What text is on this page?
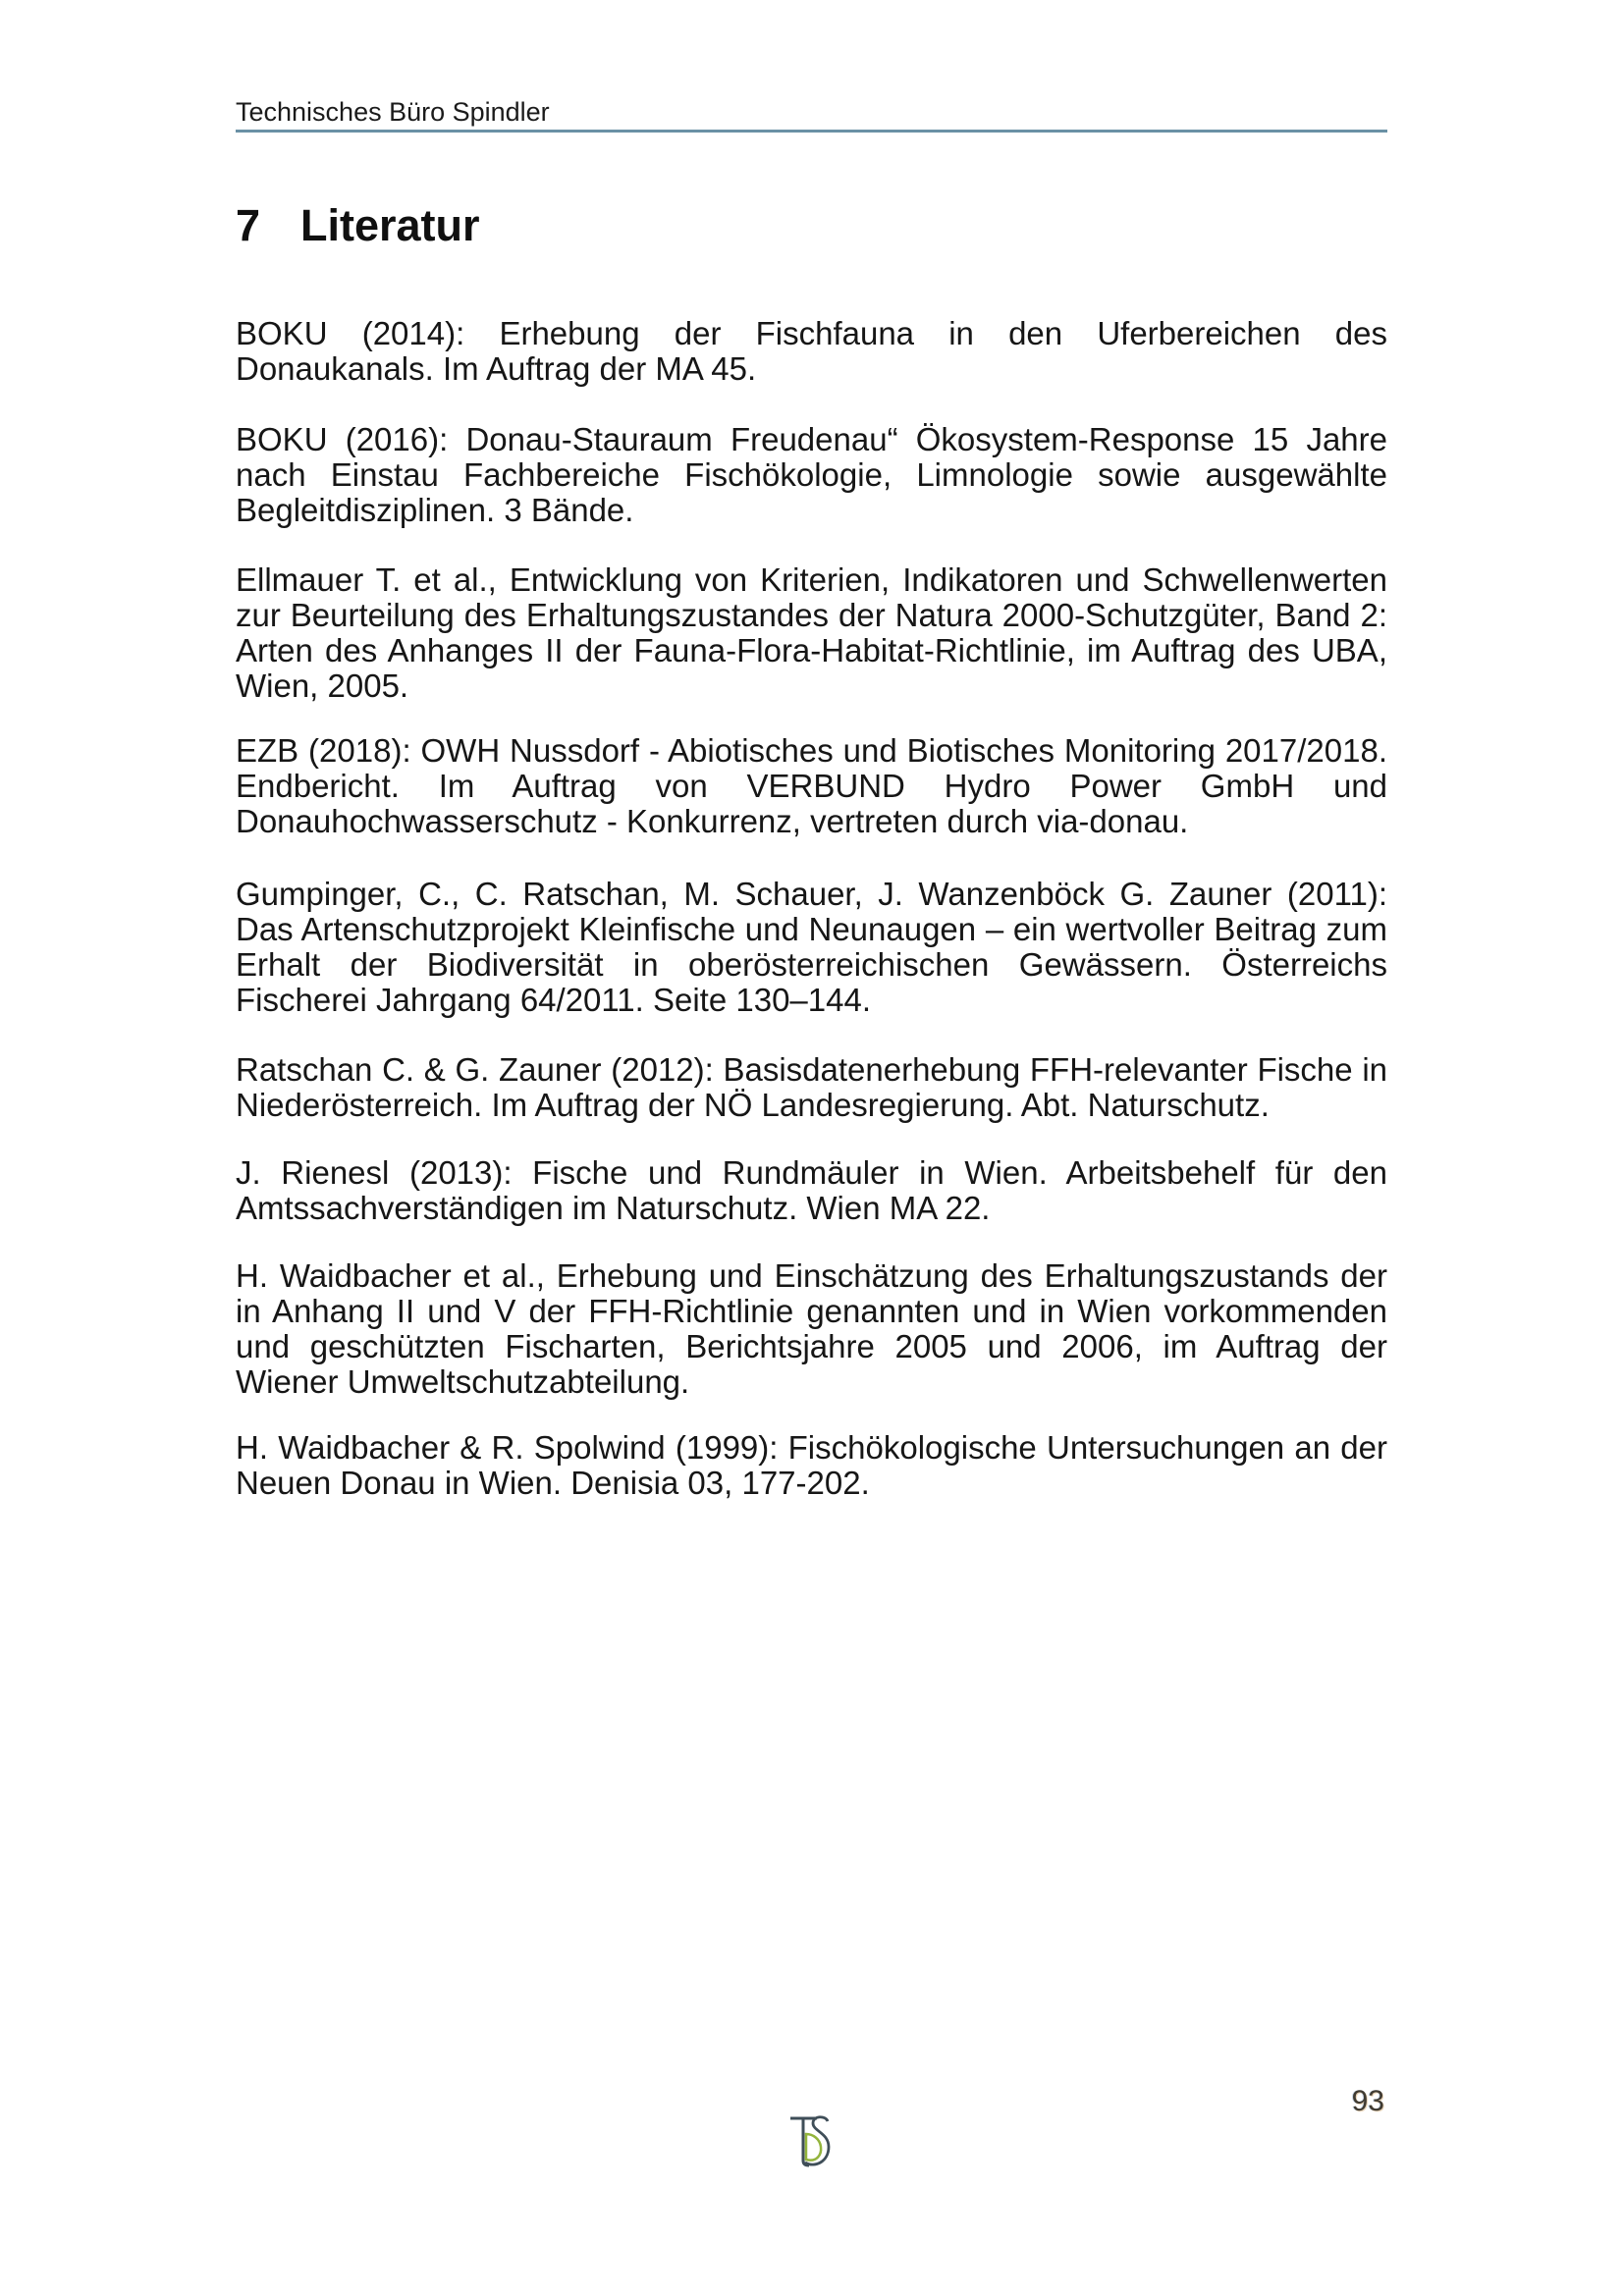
Technisches Büro Spindler
7 Literatur

BOKU (2014): Erhebung der Fischfauna in den Uferbereichen des Donaukanals. Im Auftrag der MA 45.

BOKU (2016): Donau-Stauraum Freudenau“ Ökosystem-Response 15 Jahre nach Einstau Fachbereiche Fischökologie, Limnologie sowie ausgewählte Begleitdisziplinen. 3 Bände.

Ellmauer T. et al., Entwicklung von Kriterien, Indikatoren und Schwellenwerten zur Beurteilung des Erhaltungszustandes der Natura 2000-Schutzgüter, Band 2: Arten des Anhanges II der Fauna-Flora-Habitat-Richtlinie, im Auftrag des UBA, Wien, 2005.

EZB (2018): OWH Nussdorf - Abiotisches und Biotisches Monitoring 2017/2018. Endbericht. Im Auftrag von VERBUND Hydro Power GmbH und Donauhochwasserschutz - Konkurrenz, vertreten durch via-donau.

Gumpinger, C., C. Ratschan, M. Schauer, J. Wanzenböck G. Zauner (2011): Das Artenschutzprojekt Kleinfische und Neunaugen – ein wertvoller Beitrag zum Erhalt der Biodiversität in oberösterreichischen Gewässern. Österreichs Fischerei Jahrgang 64/2011. Seite 130–144.

Ratschan C. & G. Zauner (2012): Basisdatenerhebung FFH-relevanter Fische in Niederösterreich. Im Auftrag der NÖ Landesregierung. Abt. Naturschutz.

J. Rienesl (2013): Fische und Rundmäuler in Wien. Arbeitsbehelf für den Amtssachverständigen im Naturschutz. Wien MA 22.

H. Waidbacher et al., Erhebung und Einschätzung des Erhaltungszustands der in Anhang II und V der FFH-Richtlinie genannten und in Wien vorkommenden und geschützten Fischarten, Berichtsjahre 2005 und 2006, im Auftrag der Wiener Umweltschutzabteilung.

H. Waidbacher & R. Spolwind (1999): Fischökologische Untersuchungen an der Neuen Donau in Wien. Denisia 03, 177-202.

93
